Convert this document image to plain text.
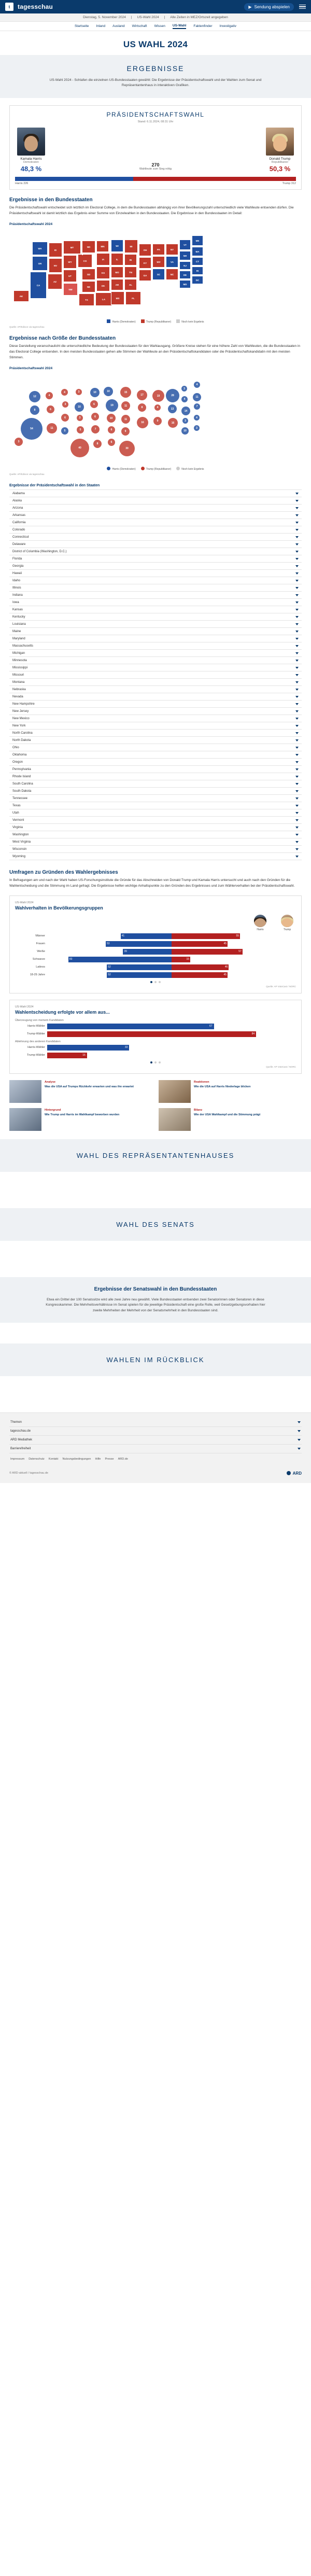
t	tagesschau	▶ Sendung abspielen
Dienstag, 5. November 2024 | US-Wahl 2024 | Alle Zeiten in MEZ/Ortszeit angegeben
Startseite Inland Ausland Wirtschaft Wissen US-Wahl Faktenfinder Investigativ
US WAHL 2024
ERGEBNISSE
US-Wahl 2024 - Schlafen die einzelnen US-Bundesstaaten gewählt: Die Ergebnisse der Präsidentschaftswahl und der Wahlen zum Senat und Repräsentantenhaus in interaktiven Grafiken.
PRÄSIDENTSCHAFTSWAHL
Stand: 6.11.2024, 08:31 Uhr
Kamala Harris
Demokraten
48,3 %	270
Wahlleute zum Sieg nötig
Donald Trump
Republikaner
50,3 %
Harris 226	Trump 312
Ergebnisse in den Bundesstaaten
Die Präsidentschaftswahl entscheidet sich letztlich im Electoral College, in dem die Bundesstaaten abhängig von ihrer Bevölkerungszahl unterschiedlich viele Wahlleute entsenden dürfen. Die Präsidentschaftswahl ist damit letztlich das Ergebnis einer Summe von Einzelwahlen in den Bundesstaaten. Die Ergebnisse in den Bundesstaaten im Detail:
Präsidentschaftswahl 2024
AK
WA
OR
CA
ID
NV
AZ
MT
WY
UT
NM
CO
ND	MN
SD
NE
TX
IA
KS
OK
LA
WI
IL
MO
AR
MS
MI
IN
TN
AL
FL
OH
KY
GA
PA
WV
SC
NY
VA
NC
VT
ME
NH
MA
NJ
CT
DE
RI
MD
DC
Harris (Demokraten)	Trump (Republikaner)	Noch kein Ergebnis
Quelle: AP/Edison via tagesschau
Ergebnisse nach Größe der Bundesstaaten
Diese Darstellung veranschaulicht die unterschiedliche Bedeutung der Bundesstaaten für den Wahlausgang. Größere Kreise stehen für eine höhere Zahl von Wahlleuten, die die Bundesstaaten in das Electoral College entsenden. In den meisten Bundesstaaten gehen alle Stimmen der Wahlleute an den Präsidentschaftskandidaten oder die Präsidentschaftskandidatin mit den meisten Stimmen.
Präsidentschaftswahl 2024
3
12
8
54
4
6
11
4
3
6
5
10
3	10
3
5
40
6
6
7
8
10
19
10
6
6
15
11
11
9
30
17
8
16
19
4
9
28
13
16
3
4
4
11
14
7
3
4
10
3
Harris (Demokraten)	Trump (Republikaner)	Noch kein Ergebnis
Quelle: AP/Edison via tagesschau
Ergebnisse der Präsidentschaftswahl in den Staaten
Alabama
Alaska
Arizona
Arkansas
California
Colorado
Connecticut
Delaware
District of Columbia (Washington, D.C.)
Florida
Georgia
Hawaii
Idaho
Illinois
Indiana
Iowa
Kansas
Kentucky
Louisiana
Maine
Maryland
Massachusetts
Michigan
Minnesota
Mississippi
Missouri
Montana
Nebraska
Nevada
New Hampshire
New Jersey
New Mexico
New York
North Carolina
North Dakota
Ohio
Oklahoma
Oregon
Pennsylvania
Rhode Island
South Carolina
South Dakota
Tennessee
Texas
Utah
Vermont
Virginia
Washington
West Virginia
Wisconsin
Wyoming
Umfragen zu Gründen des Wahlergebnisses
In Befragungen am und nach der Wahl haben US-Forschungsinstitute die Gründe für das Abschneiden von Donald Trump und Kamala Harris untersucht und auch nach den Gründen für die Wahlentscheidung und die Stimmung im Land gefragt. Die Ergebnisse helfen wichtige Anhaltspunkte zu den Gründen des Ergebnisses und zum Wählerverhalten bei der Präsidentschaftswahl.
US-Wahl 2024
Wahlverhalten in Bevölkerungsgruppen
Harris	Trump
Männer	41	55
Frauen	53	45
Weiße	39	57
Schwarze	83	15
Latinos	52	46
18-29 Jahre	52	45
Quelle: AP VoteCast / NORC
US-Wahl 2024
Wahlentscheidung erfolgte vor allem aus...
Überzeugung von meinem Kandidaten
Harris-Wähler	67
Trump-Wähler	84
Ablehnung des anderen Kandidaten
Harris-Wähler	33
Trump-Wähler	16
Quelle: AP VoteCast / NORC
Analyse
Was die USA auf Trumps Rückkehr erwarten und was ihn erwartet
Reaktionen
Wie die USA auf Harris Niederlage blicken
Hintergrund
Wie Trump und Harris im Wahlkampf beworben wurden
Bilanz
Wie der USA Wahlkampf und die Stimmung prägt
WAHL DES REPRÄSENTANTENHAUSES
WAHL DES SENATS
Ergebnisse der Senatswahl in den Bundesstaaten
Etwa ein Drittel der 100 Senatssitze wird alle zwei Jahre neu gewählt. Viele Bundesstaaten entsenden zwei Senatorinnen oder Senatoren in diese Kongresskammer. Die Mehrheitsverhältnisse im Senat spielen für die jeweilige Präsidentschaft eine große Rolle, weil Gesetzgebungsvorhaben hier zweite Mehrheiten der Mehrheit von der Senatsmehrheit in den Bundesstaaten sind.
WAHLEN IM RÜCKBLICK
Themen
tagesschau.de
ARD Mediathek
Barrierefreiheit
Impressum Datenschutz Kontakt Nutzungsbedingungen Hilfe Presse ARD.de
© ARD-aktuell / tagesschau.de	ARD
